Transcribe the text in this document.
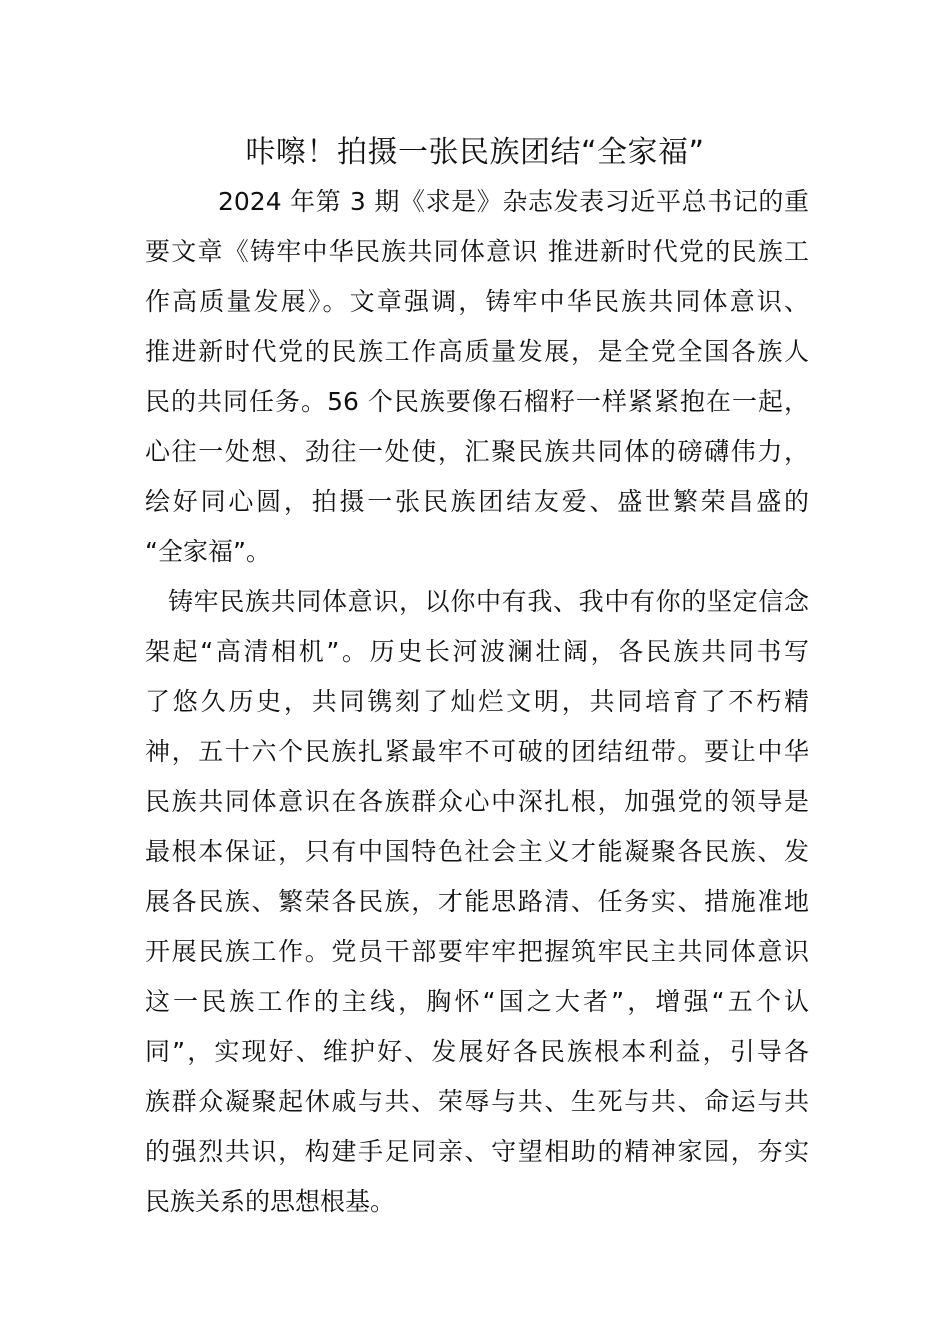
咔嚓！拍摄一张民族团结“全家福”

2024 年第 3 期《求是》杂志发表习近平总书记的重

要文章《铸牢中华民族共同体意识 推进新时代党的民族工

作高质量发展》。文章强调，铸牢中华民族共同体意识、

推进新时代党的民族工作高质量发展，是全党全国各族人

民的共同任务。56 个民族要像石榴籽一样紧紧抱在一起，

心往一处想、劲往一处使，汇聚民族共同体的磅礴伟力，

绘好同心圆，拍摄一张民族团结友爱、盛世繁荣昌盛的

“全家福”。

铸牢民族共同体意识，以你中有我、我中有你的坚定信念

架起“高清相机”。历史长河波澜壮阔，各民族共同书写

了悠久历史，共同镌刻了灿烂文明，共同培育了不朽精

神，五十六个民族扎紧最牢不可破的团结纽带。要让中华

民族共同体意识在各族群众心中深扎根，加强党的领导是

最根本保证，只有中国特色社会主义才能凝聚各民族、发

展各民族、繁荣各民族，才能思路清、任务实、措施准地

开展民族工作。党员干部要牢牢把握筑牢民主共同体意识

这一民族工作的主线，胸怀“国之大者”，增强“五个认

同”，实现好、维护好、发展好各民族根本利益，引导各

族群众凝聚起休戚与共、荣辱与共、生死与共、命运与共

的强烈共识，构建手足同亲、守望相助的精神家园，夯实

民族关系的思想根基。
